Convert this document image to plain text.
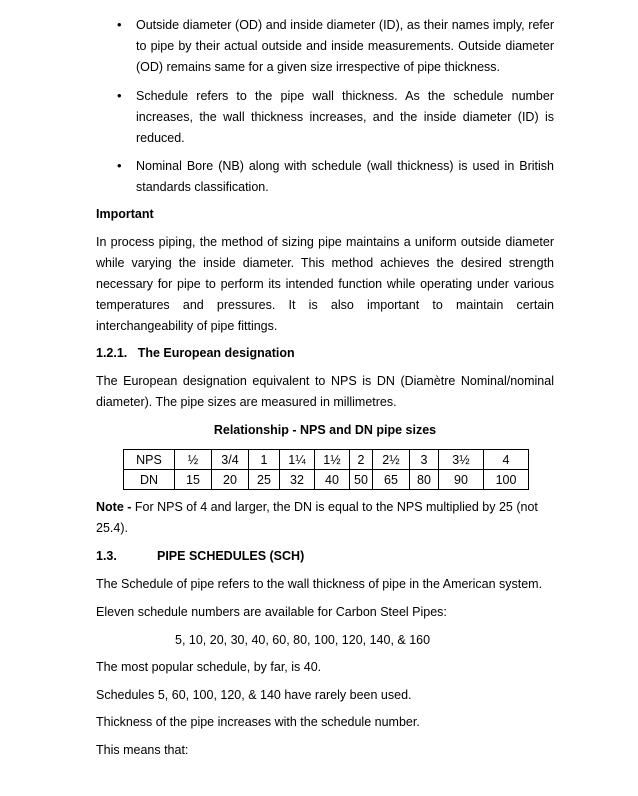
• Outside diameter (OD) and inside diameter (ID), as their names imply, refer to pipe by their actual outside and inside measurements. Outside diameter (OD) remains same for a given size irrespective of pipe thickness.
• Schedule refers to the pipe wall thickness. As the schedule number increases, the wall thickness increases, and the inside diameter (ID) is reduced.
• Nominal Bore (NB) along with schedule (wall thickness) is used in British standards classification.
Important
In process piping, the method of sizing pipe maintains a uniform outside diameter while varying the inside diameter. This method achieves the desired strength necessary for pipe to perform its intended function while operating under various temperatures and pressures. It is also important to maintain certain interchangeability of pipe fittings.
1.2.1. The European designation
The European designation equivalent to NPS is DN (Diamètre Nominal/nominal diameter). The pipe sizes are measured in millimetres.
Relationship - NPS and DN pipe sizes
NPS	½	3/4	1	1¼	1½	2	2½	3	3½	4
DN	15	20	25	32	40	50	65	80	90	100
Note - For NPS of 4 and larger, the DN is equal to the NPS multiplied by 25 (not 25.4).
1.3.	PIPE SCHEDULES (SCH)
The Schedule of pipe refers to the wall thickness of pipe in the American system.
Eleven schedule numbers are available for Carbon Steel Pipes:
5, 10, 20, 30, 40, 60, 80, 100, 120, 140, & 160
The most popular schedule, by far, is 40.
Schedules 5, 60, 100, 120, & 140 have rarely been used.
Thickness of the pipe increases with the schedule number.
This means that:
